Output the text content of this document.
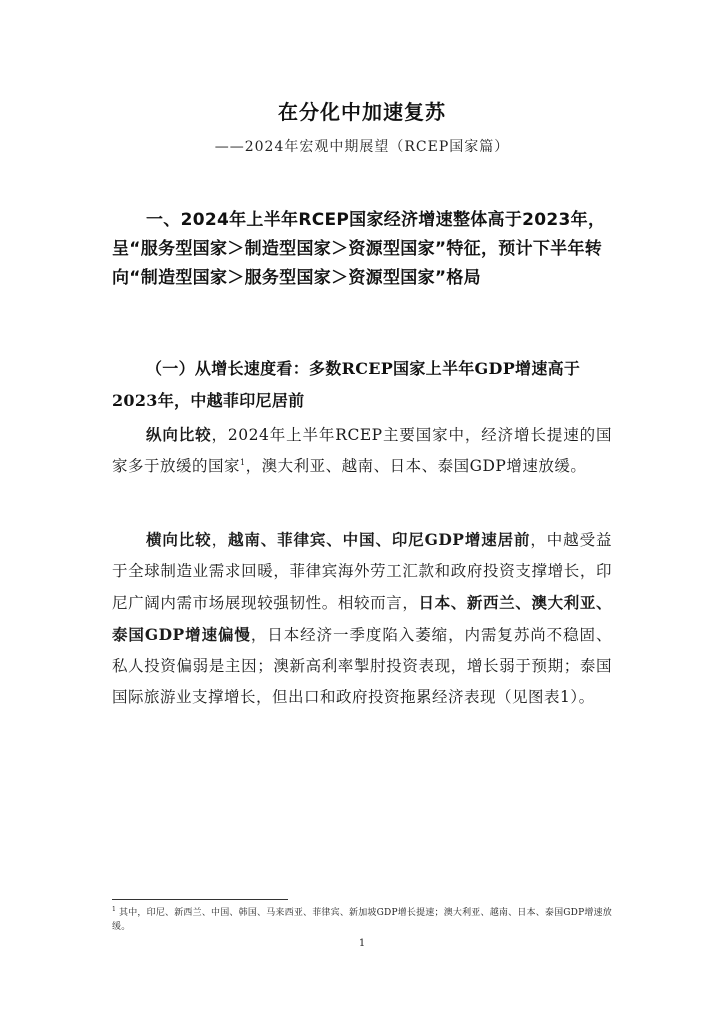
在分化中加速复苏
——2024年宏观中期展望（RCEP国家篇）
一、2024年上半年RCEP国家经济增速整体高于2023年，呈“服务型国家＞制造型国家＞资源型国家”特征，预计下半年转向“制造型国家＞服务型国家＞资源型国家”格局
（一）从增长速度看：多数RCEP国家上半年GDP增速高于2023年，中越菲印尼居前
纵向比较，2024年上半年RCEP主要国家中，经济增长提速的国家多于放缓的国家$^1$，澳大利亚、越南、日本、泰国GDP增速放缓。
横向比较，越南、菲律宾、中国、印尼GDP增速居前，中越受益于全球制造业需求回暖，菲律宾海外劳工汇款和政府投资支撑增长，印尼广阔内需市场展现较强韧性。相较而言，日本、新西兰、澳大利亚、泰国GDP增速偏慢，日本经济一季度陷入萎缩，内需复苏尚不稳固、私人投资偏弱是主因；澳新高利率掣肘投资表现，增长弱于预期；泰国国际旅游业支撑增长，但出口和政府投资拖累经济表现（见图表1）。
$^1$ 其中，印尼、新西兰、中国、韩国、马来西亚、菲律宾、新加坡GDP增长提速；澳大利亚、越南、日本、泰国GDP增速放缓。
1
